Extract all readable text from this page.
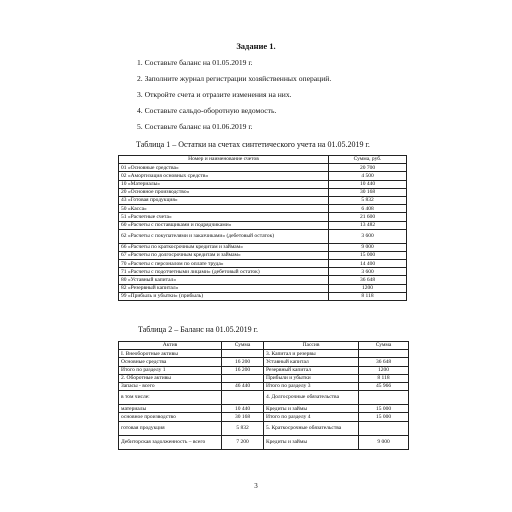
Задание 1.
1. Составьте баланс на 01.05.2019 г.
2. Заполните журнал регистрации хозяйственных операций.
3. Откройте счета и отразите изменения на них.
4. Составьте сальдо-оборотную ведомость.
5. Составьте баланс на 01.06.2019 г.
Таблица 1 – Остатки на счетах синтетического учета на 01.05.2019 г.
Номер и наименование счетов	Сумма, руб.
01 «Основные средства»	20 700
02 «Амортизация основных средств»	4 500
10 «Материалы»	10 440
20 «Основное производство»	30 168
43 «Готовая продукция»	5 832
50 «Касса»	6 408
51 «Расчетные счета»	21 600
60 «Расчеты с поставщиками и подрядчиками»	13 482
62 «Расчеты с покупателями и заказчиками» (дебетовый остаток)	3 600
66 «Расчеты по краткосрочным кредитам и займам»	9 000
67 «Расчеты по долгосрочным кредитам и займам»	15 000
70 «Расчеты с персоналом по оплате труда»	14 400
71 «Расчеты с подотчетными лицами» (дебетовый остаток)	3 600
80 «Уставный капитал»	36 648
82 «Резервный капитал»	1200
99 «Прибыль и убытки» (прибыль)	8 118
Таблица 2 – Баланс на 01.05.2019 г.
Актив	Сумма	Пассив	Сумма
I. Внеоборотные активы		3. Капитал и резервы	
Основные средства	16 200	Уставный капитал	36 648
Итого по разделу 1	16 200	Резервный капитал	1200
2. Оборотные активы		Прибыли и убытки	8 118
Запасы - всего	46 440	Итого по разделу 3	45 966
в том числе:		4. Долгосрочные обязательства	
материалы	10 440	Кредиты и займы	15 000
основное производство	30 168	Итого по разделу 4	15 000
готовая продукция	5 832	5. Краткосрочные обязательства	
Дебиторская задолженность – всего	7 200	Кредиты и займы	9 000
3
